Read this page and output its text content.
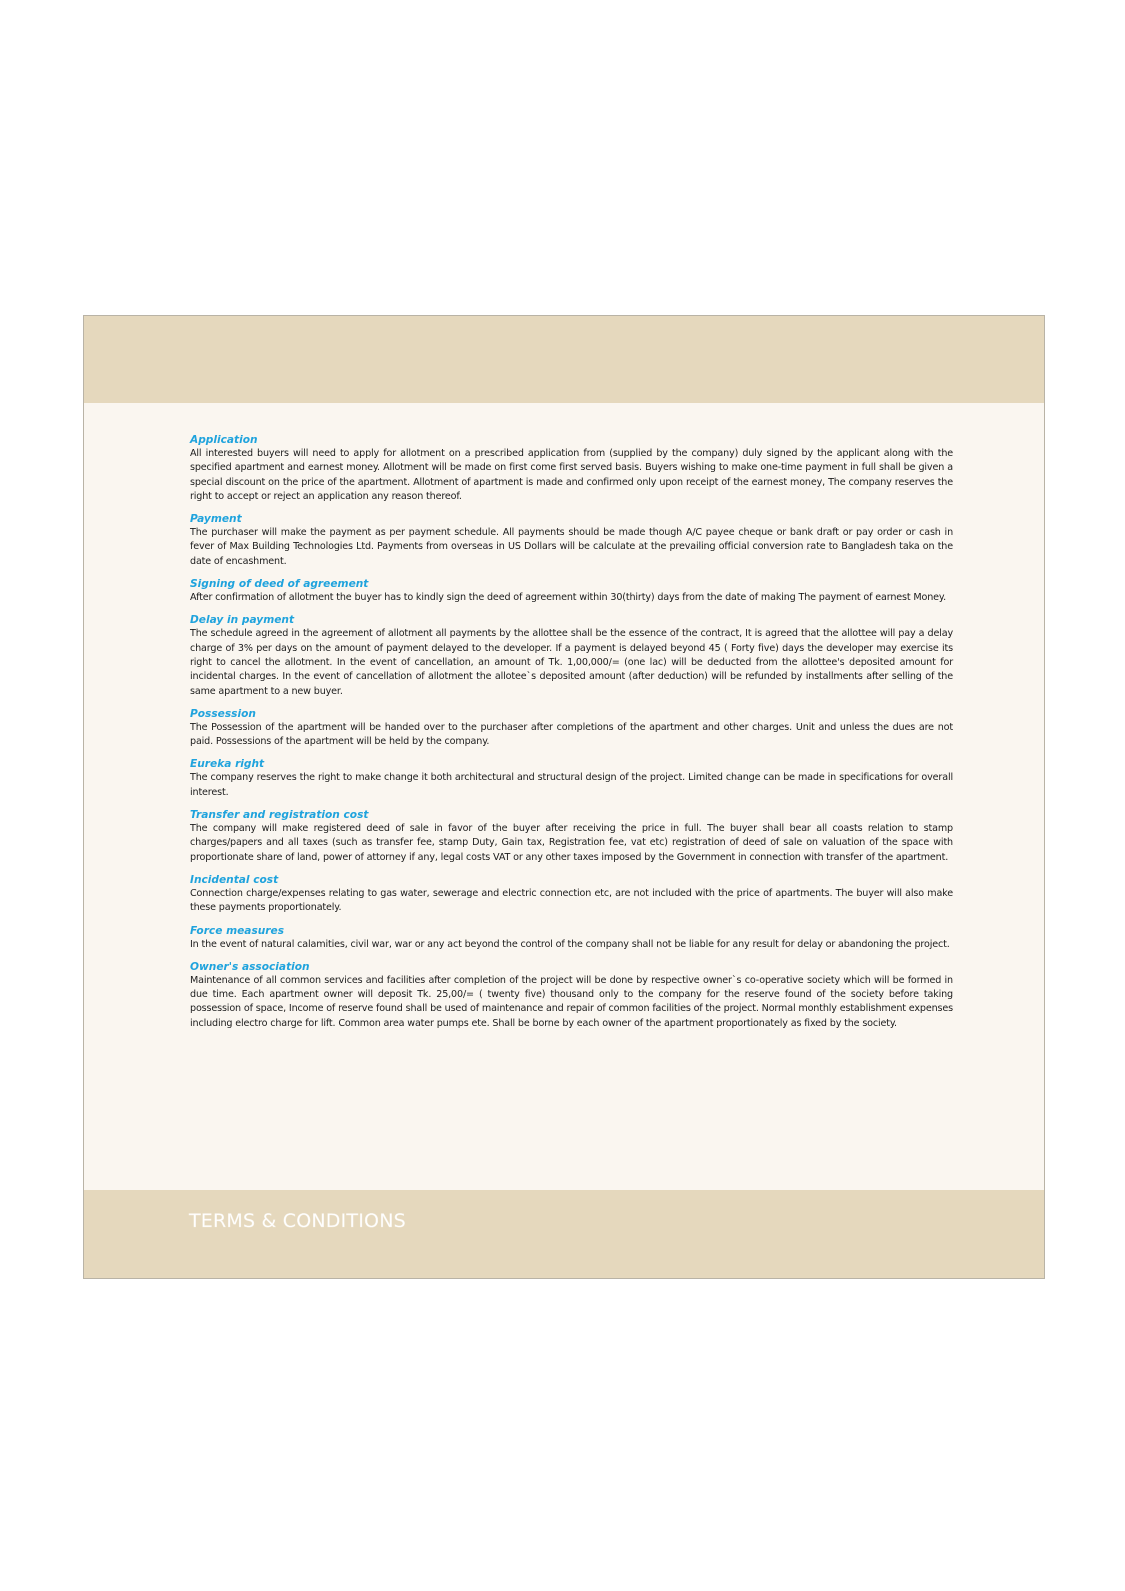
Application

All interested buyers will need to apply for allotment on a prescribed application from (supplied by the company) duly signed by the applicant along with the specified apartment and earnest money. Allotment will be made on first come first served basis. Buyers wishing to make one-time payment in full shall be given a special discount on the price of the apartment. Allotment of apartment is made and confirmed only upon receipt of the earnest money, The company reserves the right to accept or reject an application any reason thereof.

Payment

The purchaser will make the payment as per payment schedule. All payments should be made though A/C payee cheque or bank draft or pay order or cash in fever of Max Building Technologies Ltd. Payments from overseas in US Dollars will be calculate at the prevailing official conversion rate to Bangladesh taka on the date of encashment.

Signing of deed of agreement

After confirmation of allotment the buyer has to kindly sign the deed of agreement within 30(thirty) days from the date of making The payment of earnest Money.

Delay in payment

The schedule agreed in the agreement of allotment all payments by the allottee shall be the essence of the contract, It is agreed that the allottee will pay a delay charge of 3% per days on the amount of payment delayed to the developer. If a payment is delayed beyond 45 ( Forty five) days the developer may exercise its right to cancel the allotment. In the event of cancellation, an amount of Tk. 1,00,000/= (one lac) will be deducted from the allottee's deposited amount for incidental charges. In the event of cancellation of allotment the allotee`s deposited amount (after deduction) will be refunded by installments after selling of the same apartment to a new buyer.

Possession

The Possession of the apartment will be handed over to the purchaser after completions of the apartment and other charges. Unit and unless the dues are not paid. Possessions of the apartment will be held by the company.

Eureka right

The company reserves the right to make change it both architectural and structural design of the project. Limited change can be made in specifications for overall interest.

Transfer and registration cost

The company will make registered deed of sale in favor of the buyer after receiving the price in full. The buyer shall bear all coasts relation to stamp charges/papers and all taxes (such as transfer fee, stamp Duty, Gain tax, Registration fee, vat etc) registration of deed of sale on valuation of the space with proportionate share of land, power of attorney if any, legal costs VAT or any other taxes imposed by the Government in connection with transfer of the apartment.

Incidental cost

Connection charge/expenses relating to gas water, sewerage and electric connection etc, are not included with the price of apartments. The buyer will also make these payments proportionately.

Force measures

In the event of natural calamities, civil war, war or any act beyond the control of the company shall not be liable for any result for delay or abandoning the project.

Owner's association

Maintenance of all common services and facilities after completion of the project will be done by respective owner`s co-operative society which will be formed in due time. Each apartment owner will deposit Tk. 25,00/= ( twenty five) thousand only to the company for the reserve found of the society before taking possession of space, Income of reserve found shall be used of maintenance and repair of common facilities of the project. Normal monthly establishment expenses including electro charge for lift. Common area water pumps ete. Shall be borne by each owner of the apartment proportionately as fixed by the society.

TERMS & CONDITIONS
